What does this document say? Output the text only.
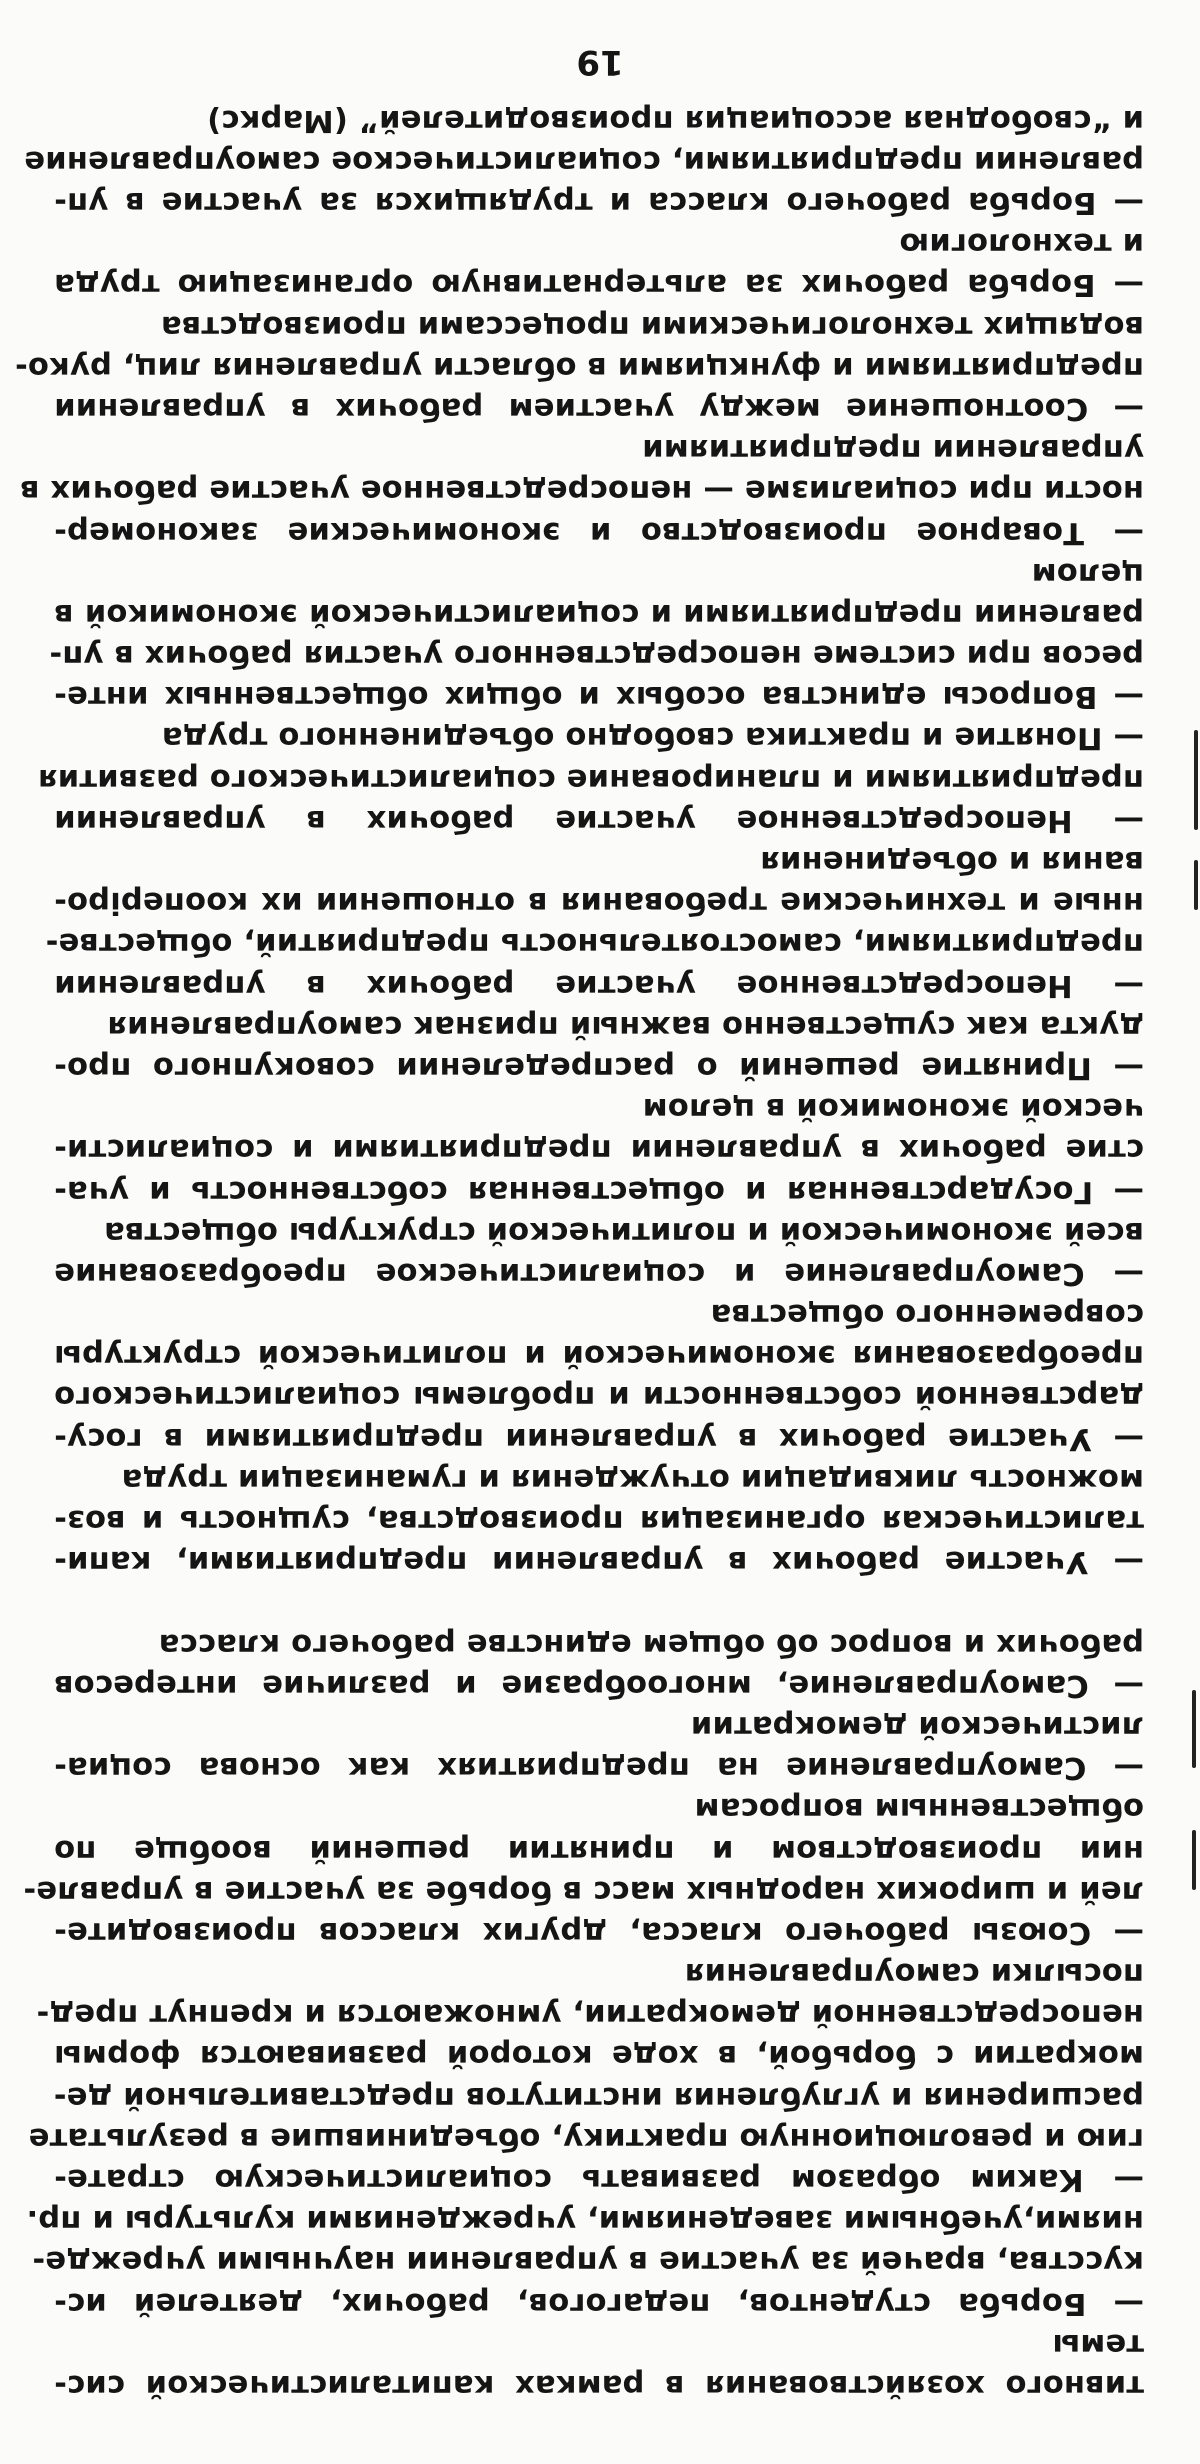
тивного хозяйствования в рамках капиталистической сис-
темы
— Борьба студентов, педагогов, рабочих, деятелей ис-
кусства, врачей за участие в управлении научными учрежде-
ниями,учебными заведениями, учреждениями культуры и пр.
— Каким образом развивать социалистическую страте-
гию и революционную практику, объединившие в результате
расширения и углубления институтов представительной де-
мократии с борьбой, в ходе которой развиваются формы
непосредственной демократии, умножаются и крепнут пред-
посылки самоуправления
— Союзы рабочего класса, других классов производите-
лей и широких народных масс в борьбе за участие в управле-
нии производством и принятии решений вообще по
общественным вопросам
— Самоуправление на предприятиях как основа социа-
листической демократии
— Самоуправление, многообразие и различие интересов
рабочих и вопрос об общем единстве рабочего класса
— Участие рабочих в управлении предприятиями, капи-
талистическая организация производства, сущность и воз-
можность ликвидации отчуждения и гуманизации труда
— Участие рабочих в управлении предприятиями в госу-
дарственной собственности и проблемы социалистического
преобразования экономической и политической структуры
современного общества
— Самоуправление и социалистическое преобразование
всей экономической и политической структуры общества
— Государственная и общественная собственность и уча-
стие рабочих в управлении предприятиями и социалисти-
ческой экономикой в целом
— Принятие решений о распределении совокупного про-
дукта как существенно важный признак самоуправления
— Непосредственное участие рабочих в управлении
предприятиями, самостоятельность предприятий, обществе-
нные и технические требования в отношении их кооперiро-
вания и объединения
— Непосредственное участие рабочих в управлении
предприятиями и планирование социалистического развития
— Понятие и практика свободно объединенного труда
— Вопросы единства особых и общих общественных инте-
ресов при системе непосредственного участия рабочих в уп-
равлении предприятиями и социалистической экономикой в
целом
— Товарное производство и экономические закономер-
ности при социализме — непосредственное участие рабочих в
управлении предприятиями
— Соотношение между участием рабочих в управлении
предприятиями и функциями в области управления лиц, руко-
водящих технологическими процессами производства
— Борьба рабочих за альтернативную организацию труда
и технологию
— Борьба рабочего класса и трудящихся за участие в уп-
равлении предприятиями, социалистическое самоуправление
и “свободная ассоциация производителей” (Маркс)
19
